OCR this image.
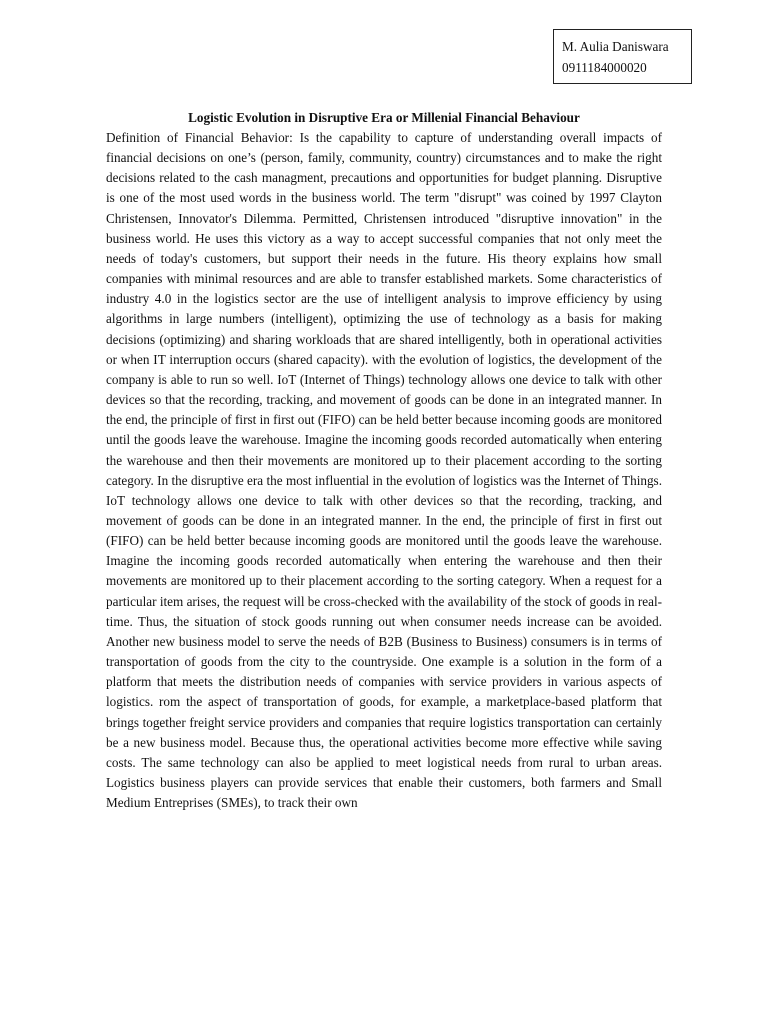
M. Aulia Daniswara
0911184000020
Logistic Evolution in Disruptive Era or Millenial Financial Behaviour

Definition of Financial Behavior: Is the capability to capture of understanding overall impacts of financial decisions on one’s (person, family, community, country) circumstances and to make the right decisions related to the cash managment, precautions and opportunities for budget planning. Disruptive is one of the most used words in the business world. The term "disrupt" was coined by 1997 Clayton Christensen, Innovator's Dilemma. Permitted, Christensen introduced "disruptive innovation" in the business world. He uses this victory as a way to accept successful companies that not only meet the needs of today's customers, but support their needs in the future. His theory explains how small companies with minimal resources and are able to transfer established markets. Some characteristics of industry 4.0 in the logistics sector are the use of intelligent analysis to improve efficiency by using algorithms in large numbers (intelligent), optimizing the use of technology as a basis for making decisions (optimizing) and sharing workloads that are shared intelligently, both in operational activities or when IT interruption occurs (shared capacity). with the evolution of logistics, the development of the company is able to run so well. IoT (Internet of Things) technology allows one device to talk with other devices so that the recording, tracking, and movement of goods can be done in an integrated manner. In the end, the principle of first in first out (FIFO) can be held better because incoming goods are monitored until the goods leave the warehouse. Imagine the incoming goods recorded automatically when entering the warehouse and then their movements are monitored up to their placement according to the sorting category. In the disruptive era the most influential in the evolution of logistics was the Internet of Things. IoT technology allows one device to talk with other devices so that the recording, tracking, and movement of goods can be done in an integrated manner. In the end, the principle of first in first out (FIFO) can be held better because incoming goods are monitored until the goods leave the warehouse. Imagine the incoming goods recorded automatically when entering the warehouse and then their movements are monitored up to their placement according to the sorting category. When a request for a particular item arises, the request will be cross-checked with the availability of the stock of goods in real-time. Thus, the situation of stock goods running out when consumer needs increase can be avoided. Another new business model to serve the needs of B2B (Business to Business) consumers is in terms of transportation of goods from the city to the countryside. One example is a solution in the form of a platform that meets the distribution needs of companies with service providers in various aspects of logistics. rom the aspect of transportation of goods, for example, a marketplace-based platform that brings together freight service providers and companies that require logistics transportation can certainly be a new business model. Because thus, the operational activities become more effective while saving costs. The same technology can also be applied to meet logistical needs from rural to urban areas. Logistics business players can provide services that enable their customers, both farmers and Small Medium Entreprises (SMEs), to track their own
